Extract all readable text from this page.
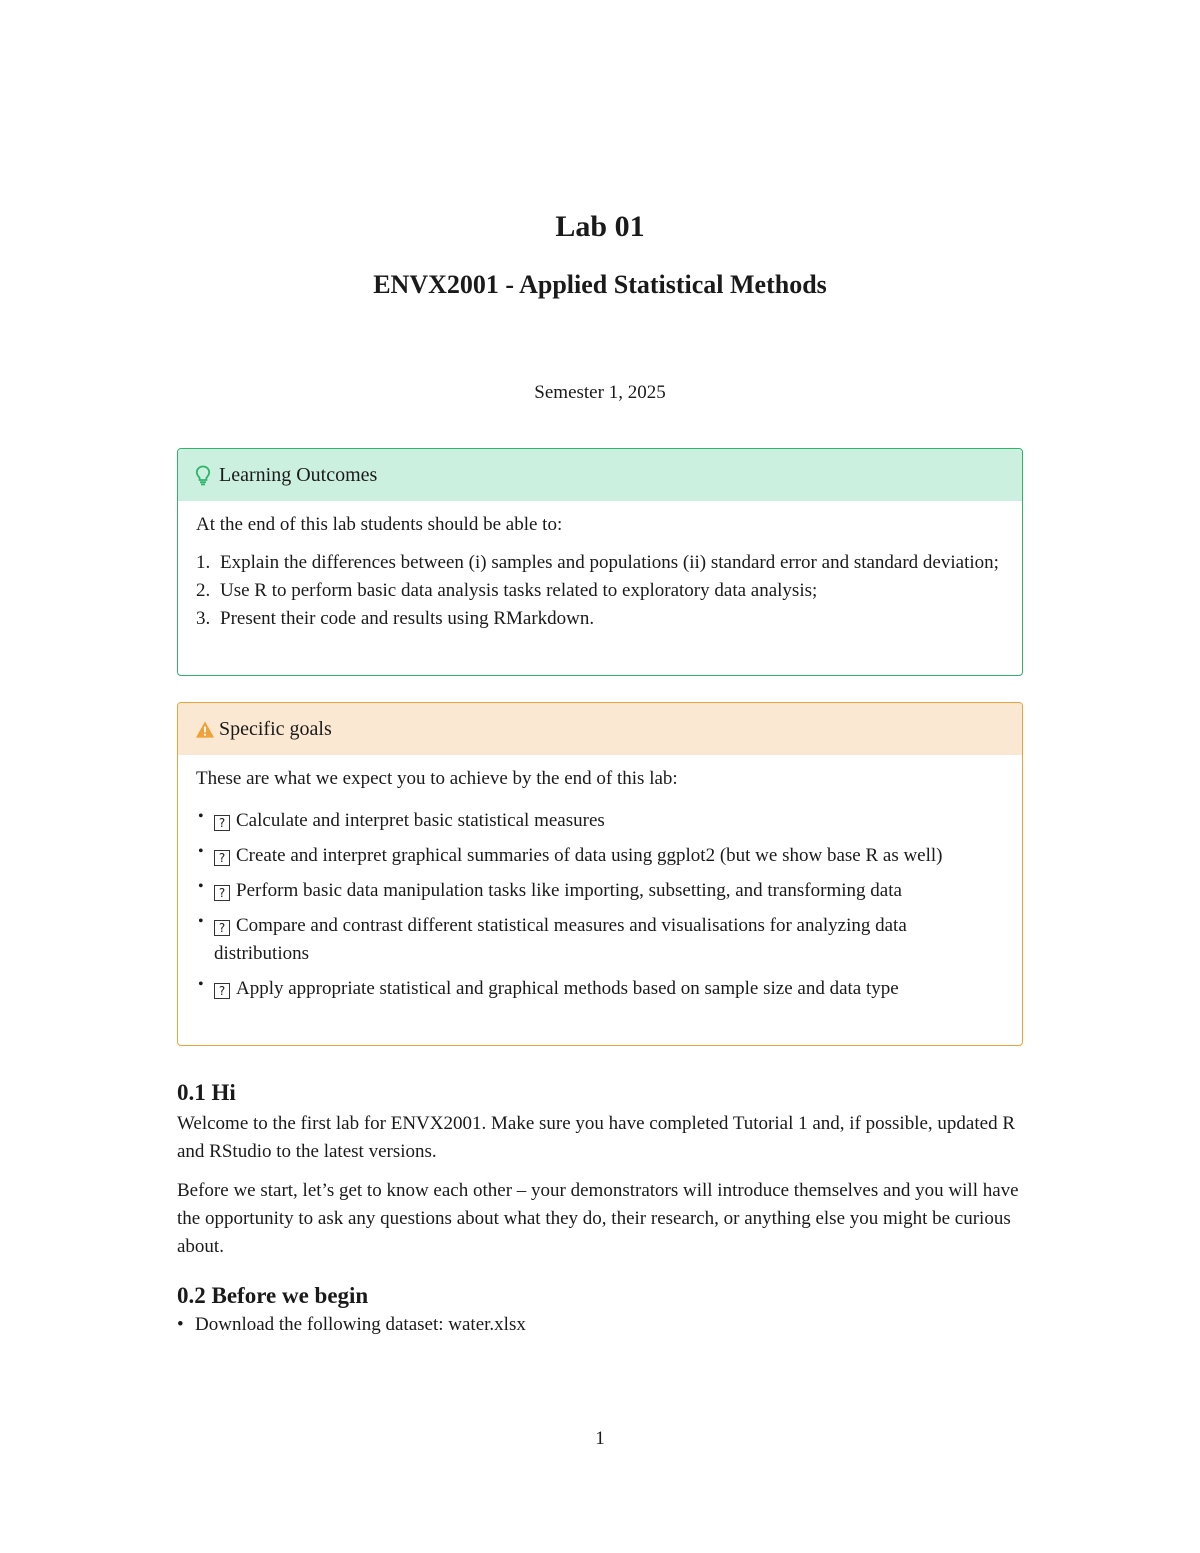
Lab 01
ENVX2001 - Applied Statistical Methods

Semester 1, 2025

Learning Outcomes

At the end of this lab students should be able to:

1. Explain the differences between (i) samples and populations (ii) standard error and standard deviation;
2. Use R to perform basic data analysis tasks related to exploratory data analysis;
3. Present their code and results using RMarkdown.
Specific goals

These are what we expect you to achieve by the end of this lab:

• ? Calculate and interpret basic statistical measures
• ? Create and interpret graphical summaries of data using ggplot2 (but we show base R as well)
• ? Perform basic data manipulation tasks like importing, subsetting, and transforming data
• ? Compare and contrast different statistical measures and visualisations for analyzing data distributions
• ? Apply appropriate statistical and graphical methods based on sample size and data type
0.1 Hi

Welcome to the first lab for ENVX2001. Make sure you have completed Tutorial 1 and, if possible, updated R and RStudio to the latest versions.

Before we start, let’s get to know each other – your demonstrators will introduce themselves and you will have the opportunity to ask any questions about what they do, their research, or anything else you might be curious about.

0.2 Before we begin
• Download the following dataset: water.xlsx

1
